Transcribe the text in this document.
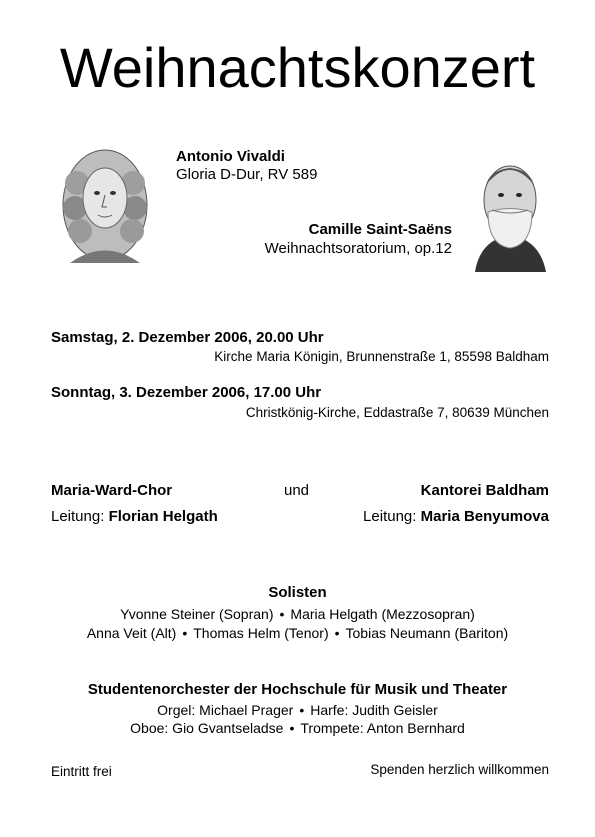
Weihnachtskonzert
Antonio Vivaldi
Gloria D-Dur, RV 589
Camille Saint-Saëns
Weihnachtsoratorium, op.12
Samstag, 2. Dezember 2006, 20.00 Uhr
Kirche Maria Königin, Brunnenstraße 1, 85598 Baldham
Sonntag, 3. Dezember 2006, 17.00 Uhr
Christkönig-Kirche, Eddastraße 7, 80639 München
Maria-Ward-Chor
Leitung: Florian Helgath
und	Kantorei Baldham
Leitung: Maria Benyumova
Solisten
Yvonne Steiner (Sopran) • Maria Helgath (Mezzosopran)
Anna Veit (Alt) • Thomas Helm (Tenor) • Tobias Neumann (Bariton)
Studentenorchester der Hochschule für Musik und Theater
Orgel: Michael Prager • Harfe: Judith Geisler
Oboe: Gio Gvantseladse • Trompete: Anton Bernhard
Eintritt frei	Spenden herzlich willkommen
